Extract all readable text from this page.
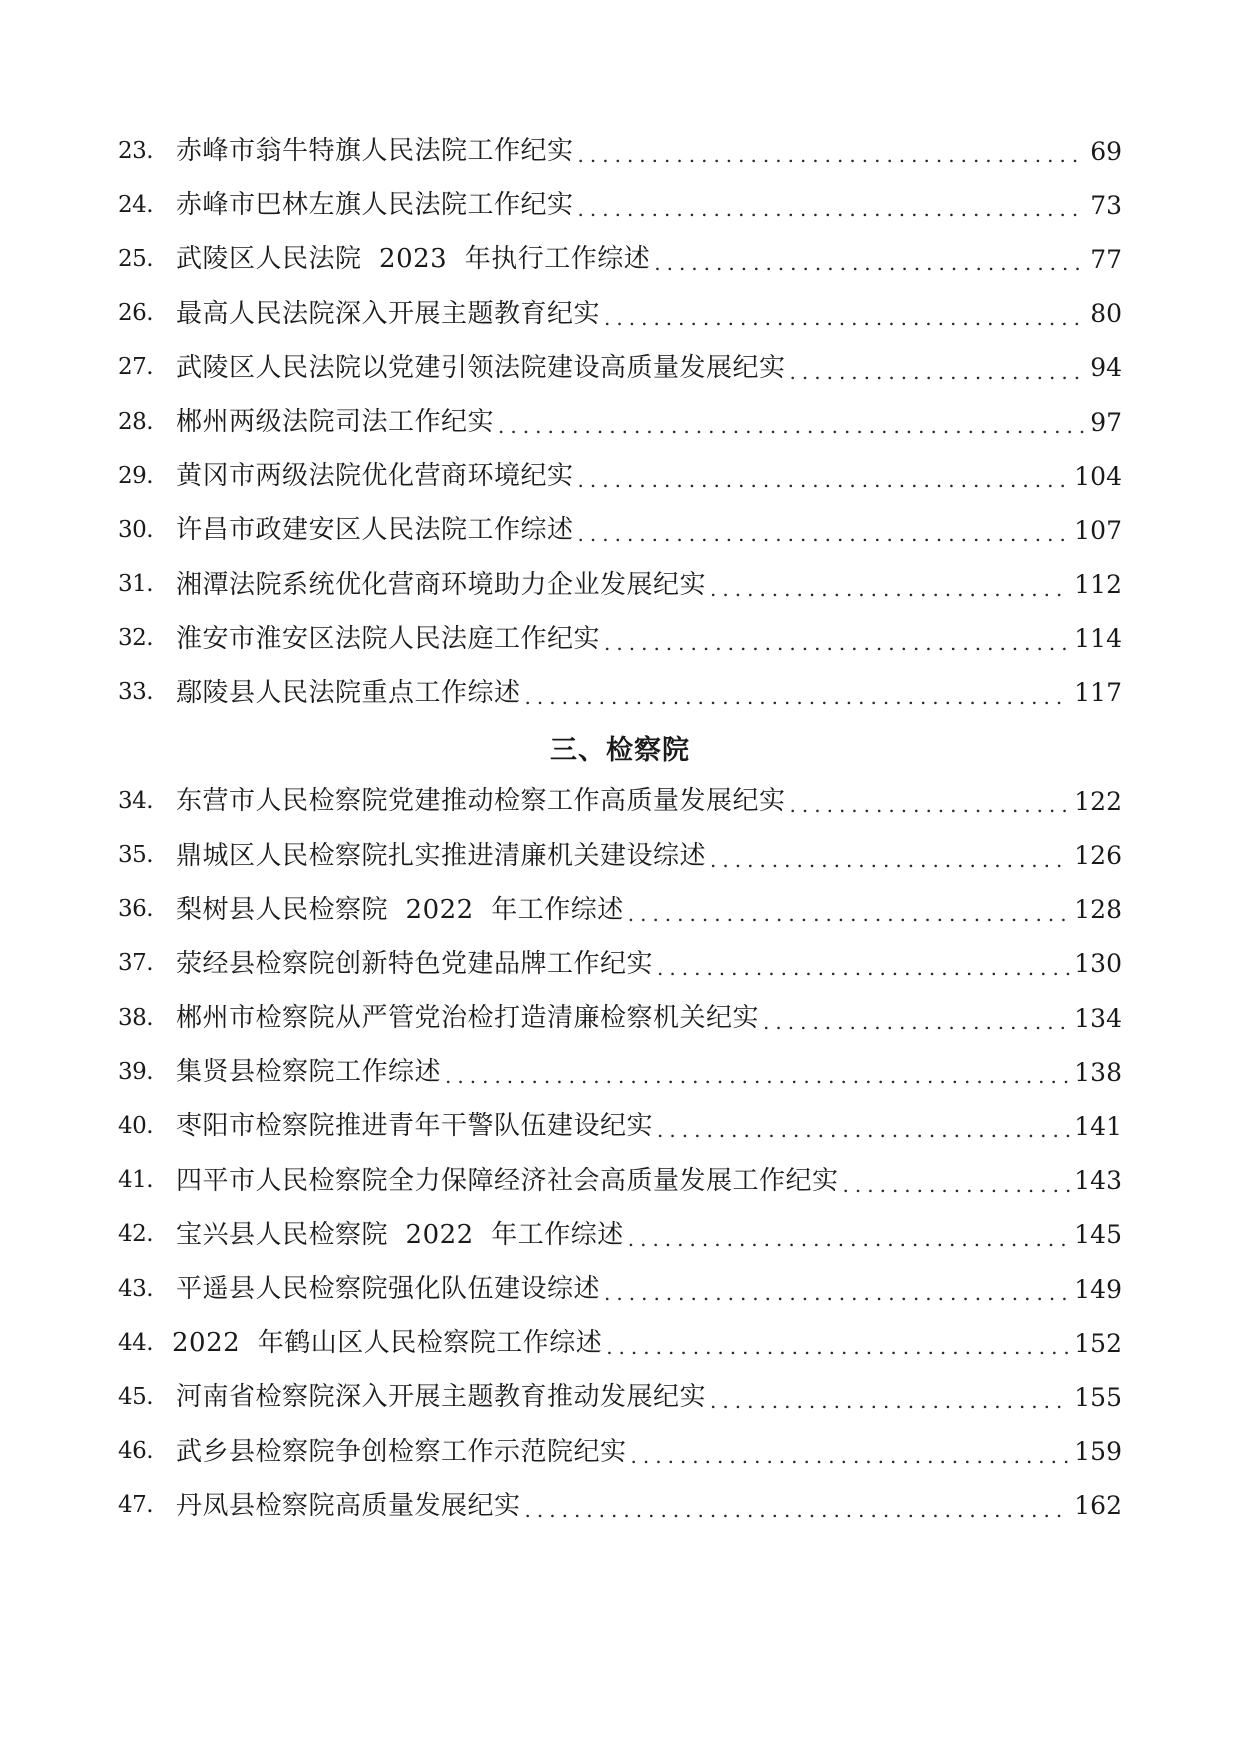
23. 赤峰市翁牛特旗人民法院工作纪实 .....	69
24. 赤峰市巴林左旗人民法院工作纪实 .....	73
25. 武陵区人民法院  2023  年执行工作综述 .....	77
26. 最高人民法院深入开展主题教育纪实 .....	80
27. 武陵区人民法院以党建引领法院建设高质量发展纪实 .....	94
28. 郴州两级法院司法工作纪实 .....	97
29. 黄冈市两级法院优化营商环境纪实 .....	104
30. 许昌市政建安区人民法院工作综述 .....	107
31. 湘潭法院系统优化营商环境助力企业发展纪实 .....	112
32. 淮安市淮安区法院人民法庭工作纪实 .....	114
33. 鄢陵县人民法院重点工作综述 .....	117
三、检察院
34. 东营市人民检察院党建推动检察工作高质量发展纪实 .....	122
35. 鼎城区人民检察院扎实推进清廉机关建设综述 .....	126
36. 梨树县人民检察院  2022  年工作综述 .....	128
37. 荥经县检察院创新特色党建品牌工作纪实 .....	130
38. 郴州市检察院从严管党治检打造清廉检察机关纪实 .....	134
39. 集贤县检察院工作综述 .....	138
40. 枣阳市检察院推进青年干警队伍建设纪实 .....	141
41. 四平市人民检察院全力保障经济社会高质量发展工作纪实 .....	143
42. 宝兴县人民检察院  2022  年工作综述 .....	145
43. 平遥县人民检察院强化队伍建设综述 .....	149
44. 2022  年鹤山区人民检察院工作综述 .....	152
45. 河南省检察院深入开展主题教育推动发展纪实 .....	155
46. 武乡县检察院争创检察工作示范院纪实 .....	159
47. 丹凤县检察院高质量发展纪实 .....	162
